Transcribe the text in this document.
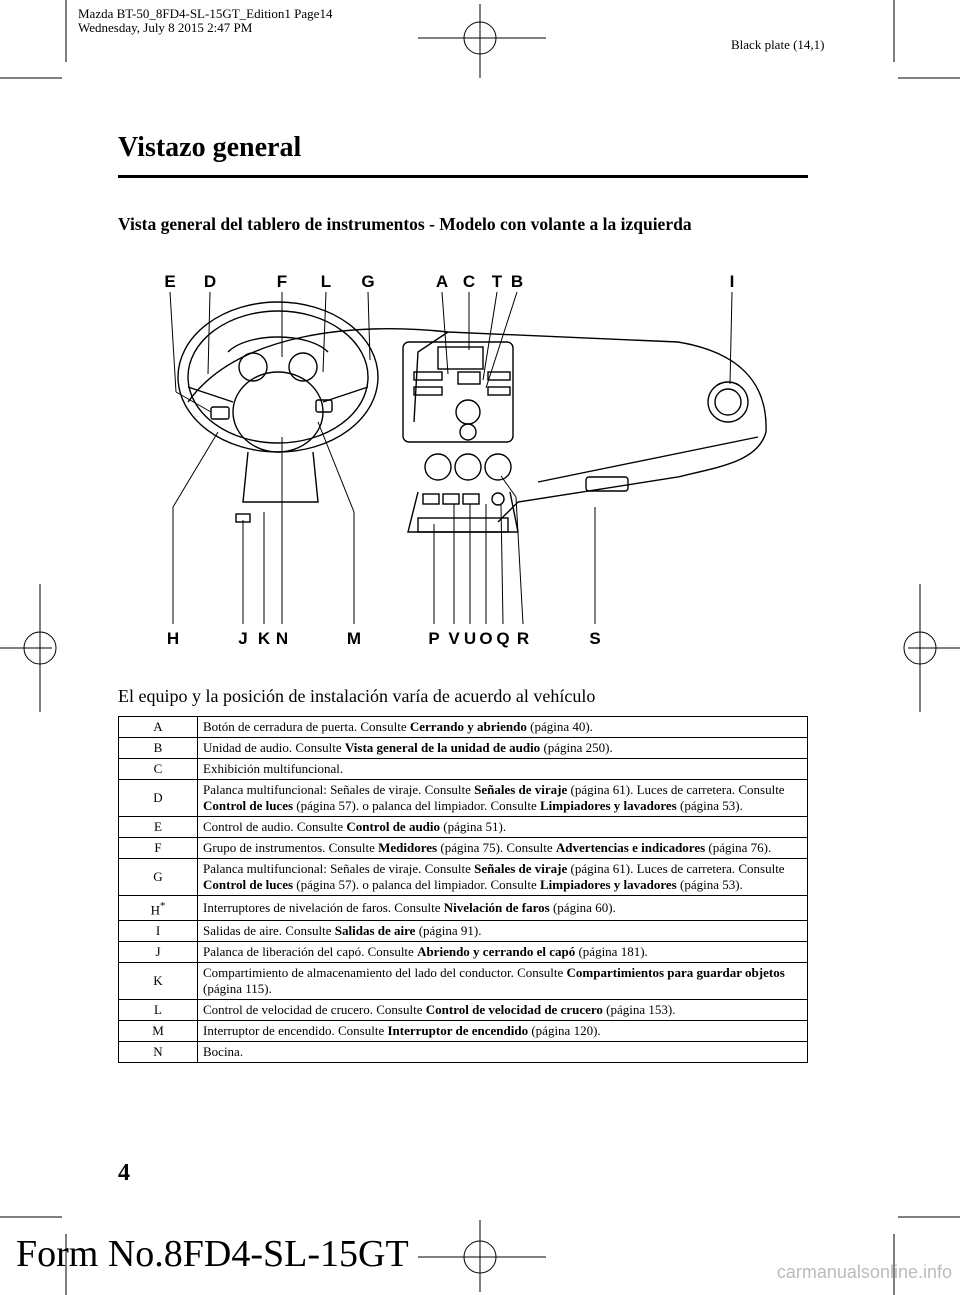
Mazda BT-50_8FD4-SL-15GT_Edition1 Page14
Wednesday, July 8 2015 2:47 PM
Black plate (14,1)
Vistazo general
Vista general del tablero de instrumentos - Modelo con volante a la izquierda
E D	F L G	A C T B	I
H	J K N	M	P V U O Q R	S
El equipo y la posición de instalación varía de acuerdo al vehículo
A	Botón de cerradura de puerta. Consulte Cerrando y abriendo (página 40).
B	Unidad de audio. Consulte Vista general de la unidad de audio (página 250).
C	Exhibición multifuncional.
D	Palanca multifuncional: Señales de viraje. Consulte Señales de viraje (página 61). Luces de carretera. Consulte Control de luces (página 57). o palanca del limpiador. Consulte Limpiadores y lavadores (página 53).
E	Control de audio. Consulte Control de audio (página 51).
F	Grupo de instrumentos. Consulte Medidores (página 75). Consulte Advertencias e indicadores (página 76).
G	Palanca multifuncional: Señales de viraje. Consulte Señales de viraje (página 61). Luces de carretera. Consulte Control de luces (página 57). o palanca del limpiador. Consulte Limpiadores y lavadores (página 53).
H*	Interruptores de nivelación de faros. Consulte Nivelación de faros (página 60).
I	Salidas de aire. Consulte Salidas de aire (página 91).
J	Palanca de liberación del capó. Consulte Abriendo y cerrando el capó (página 181).
K	Compartimiento de almacenamiento del lado del conductor. Consulte Compartimientos para guardar objetos (página 115).
L	Control de velocidad de crucero. Consulte Control de velocidad de crucero (página 153).
M	Interruptor de encendido. Consulte Interruptor de encendido (página 120).
N	Bocina.
4
Form No.8FD4-SL-15GT	carmanualsonline.info
